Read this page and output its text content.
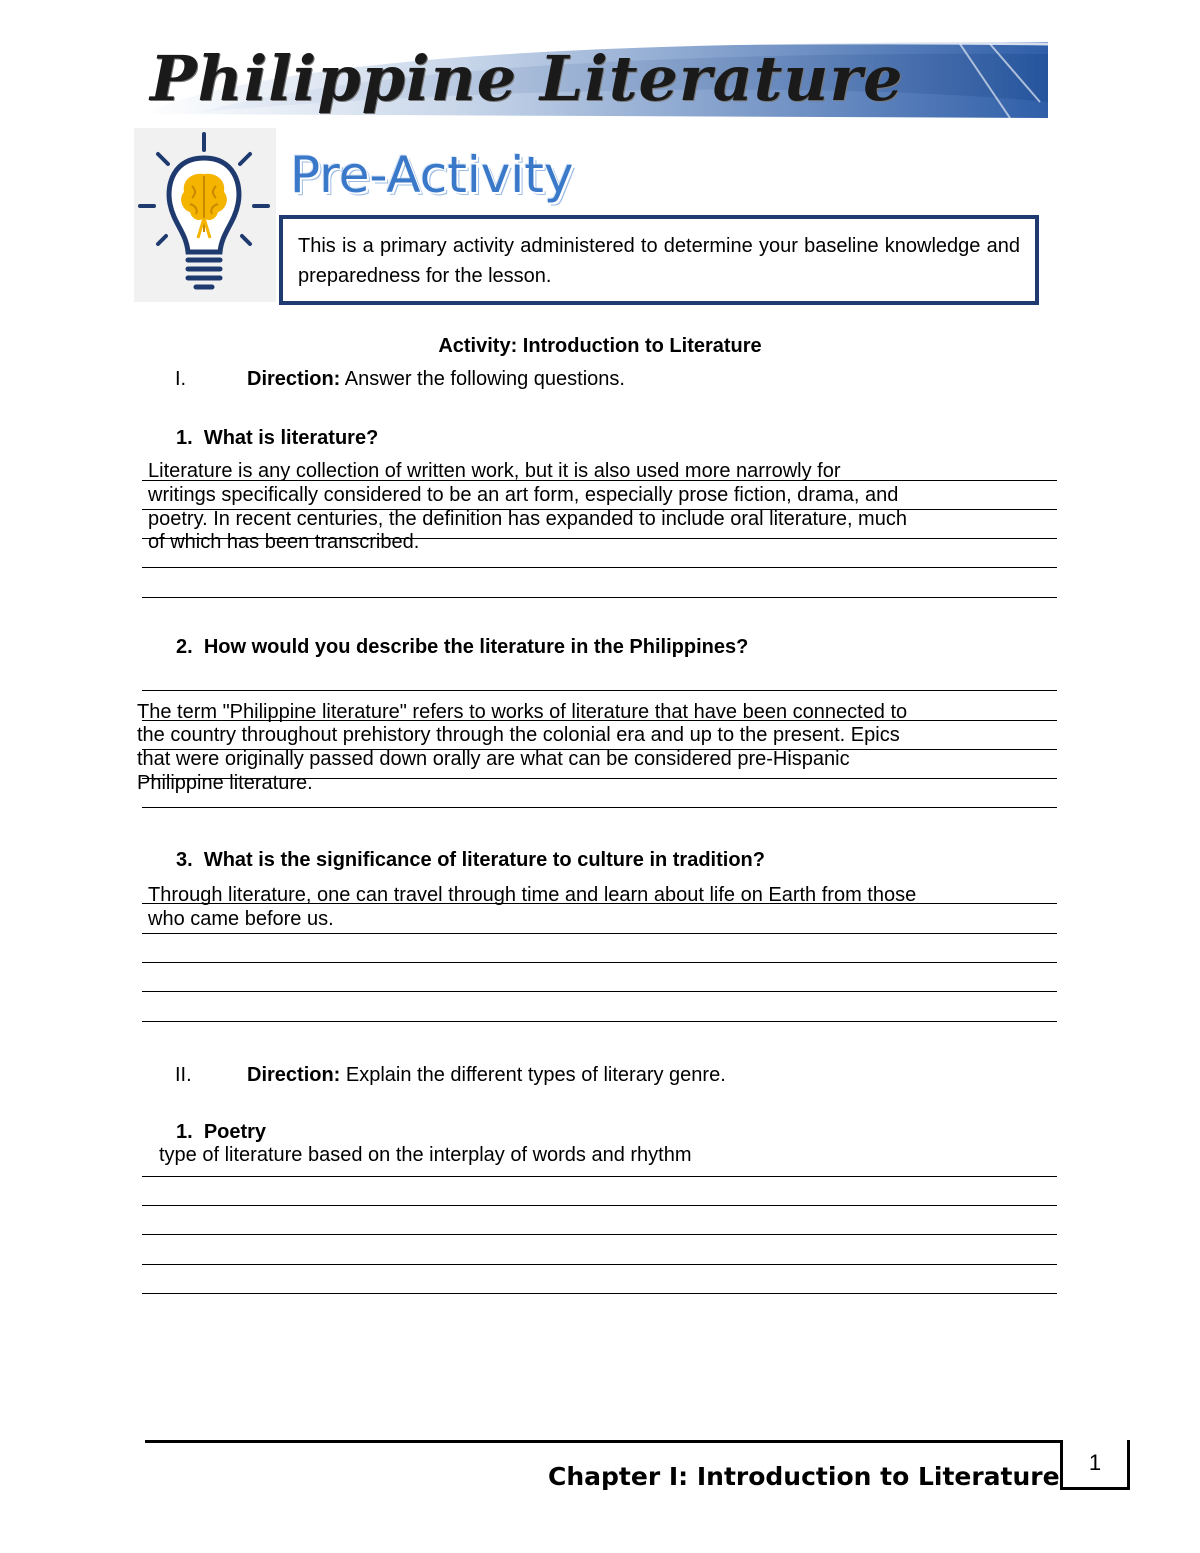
Philippine Literature
Pre-Activity
This is a primary activity administered to determine your baseline knowledge and preparedness for the lesson.
Activity: Introduction to Literature
I.	Direction: Answer the following questions.
1. What is literature?
Literature is any collection of written work, but it is also used more narrowly for
writings specifically considered to be an art form, especially prose fiction, drama, and
poetry. In recent centuries, the definition has expanded to include oral literature, much
of which has been transcribed.
2. How would you describe the literature in the Philippines?
The term "Philippine literature" refers to works of literature that have been connected to
the country throughout prehistory through the colonial era and up to the present. Epics
that were originally passed down orally are what can be considered pre-Hispanic
Philippine literature.
3. What is the significance of literature to culture in tradition?
Through literature, one can travel through time and learn about life on Earth from those
who came before us.
II.	Direction: Explain the different types of literary genre.
1. Poetry
type of literature based on the interplay of words and rhythm
Chapter I: Introduction to Literature	1
